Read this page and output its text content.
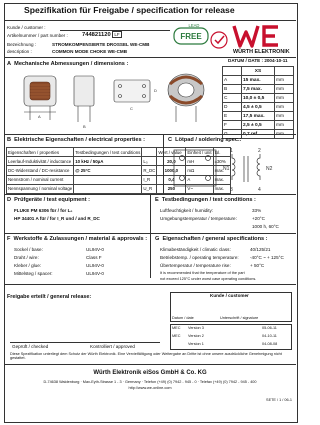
Spezifikation für Freigabe / specification for release
Kunde / customer :
Artikelnummer / part number : 744821120 LF
Bezeichnung :	STROMKOMPENSIERTE DROSSEL WE-CMB
description :	COMMON MODE CHOKE WE-CMB
FREE
LEAD
WÜRTH ELEKTRONIK
DATUM / DATE : 2004-10-11
A Mechanische Abmessungen / dimensions :
A
B
C
D
	XS	
A	15 max.	mm
B	7,5 max.	mm
C	10,0 ± 0,5	mm
D	4,5 ± 0,5	mm
E	17,5 max.	mm
F	2,5 ± 0,5	mm
G	0,7 ref.	mm
B Elektrische Eigenschaften / electrical properties :
Eigenschaften / properties	Testbedingungen / test conditions		Wert / value	Einheit / unit	tol.
Leerlauf-Induktivität / inductance	10 kHz / 50µA	L₀	20,0	mH	±30%
DC-Widerstand / DC-resistance	@ 25°C	R_DC	1000,0	mΩ	max.
Nennstrom / nominal current		I_R	0,4	A	max.
Nennspannung / nominal voltage		U_R	250	V~	max.
C Lötpad / soldering spec.:
N1	N2
1	2
3	4
D Prüfgeräte / test equipment :
FLUKE PM 6306 für / for L₀
HP 34401 A für / for I_R und / and R_DC
E Testbedingungen / test conditions :
Luftfeuchtigkeit / humidity:	33%
Umgebungstemperatur / temperature:	+20°C
1000 h, 60°C
F Werkstoffe & Zulassungen / material & approvals :
Sockel / base:	UL94V-0
Draht / wire:	Class F
Kleber / glue:	UL94V-0
Mittelsteg / spacer:	UL94V-0
G Eigenschaften / general specifications :
Klimabeständigkeit / climatic class:	40/125/21
Betriebstemp. / operating temperature: -40°C ~ + 125°C
Übertemperatur / temperature rise:	+ 50°C
It is recommended that the temperature of the part
not exceed 125°C under worst case operating conditions.
Freigabe erteilt / general release:	Kunde / customer
Datum / date	Unterschrift / signature
MEC Version 3	05-06-11
MEC Version 2	04-10-11
Version 1	04-08-08
Geprüft / checked	Kontrolliert / approved
Diese Spezifikation unterliegt dem Schutz der Würth Elektronik. Eine Vervielfältigung oder Weitergabe an Dritte ist ohne unsere ausdrückliche Genehmigung nicht gestattet.
Würth Elektronik eiSos GmbH & Co. KG
D-74638 Waldenburg · Max-Eyth-Strasse 1 - 3 · Germany · Telefon (+49) (0) 7942 - 945 - 0 · Telefax (+49) (0) 7942 - 945 - 400
http://www.we-online.com
SETE / 1 / 06-1
